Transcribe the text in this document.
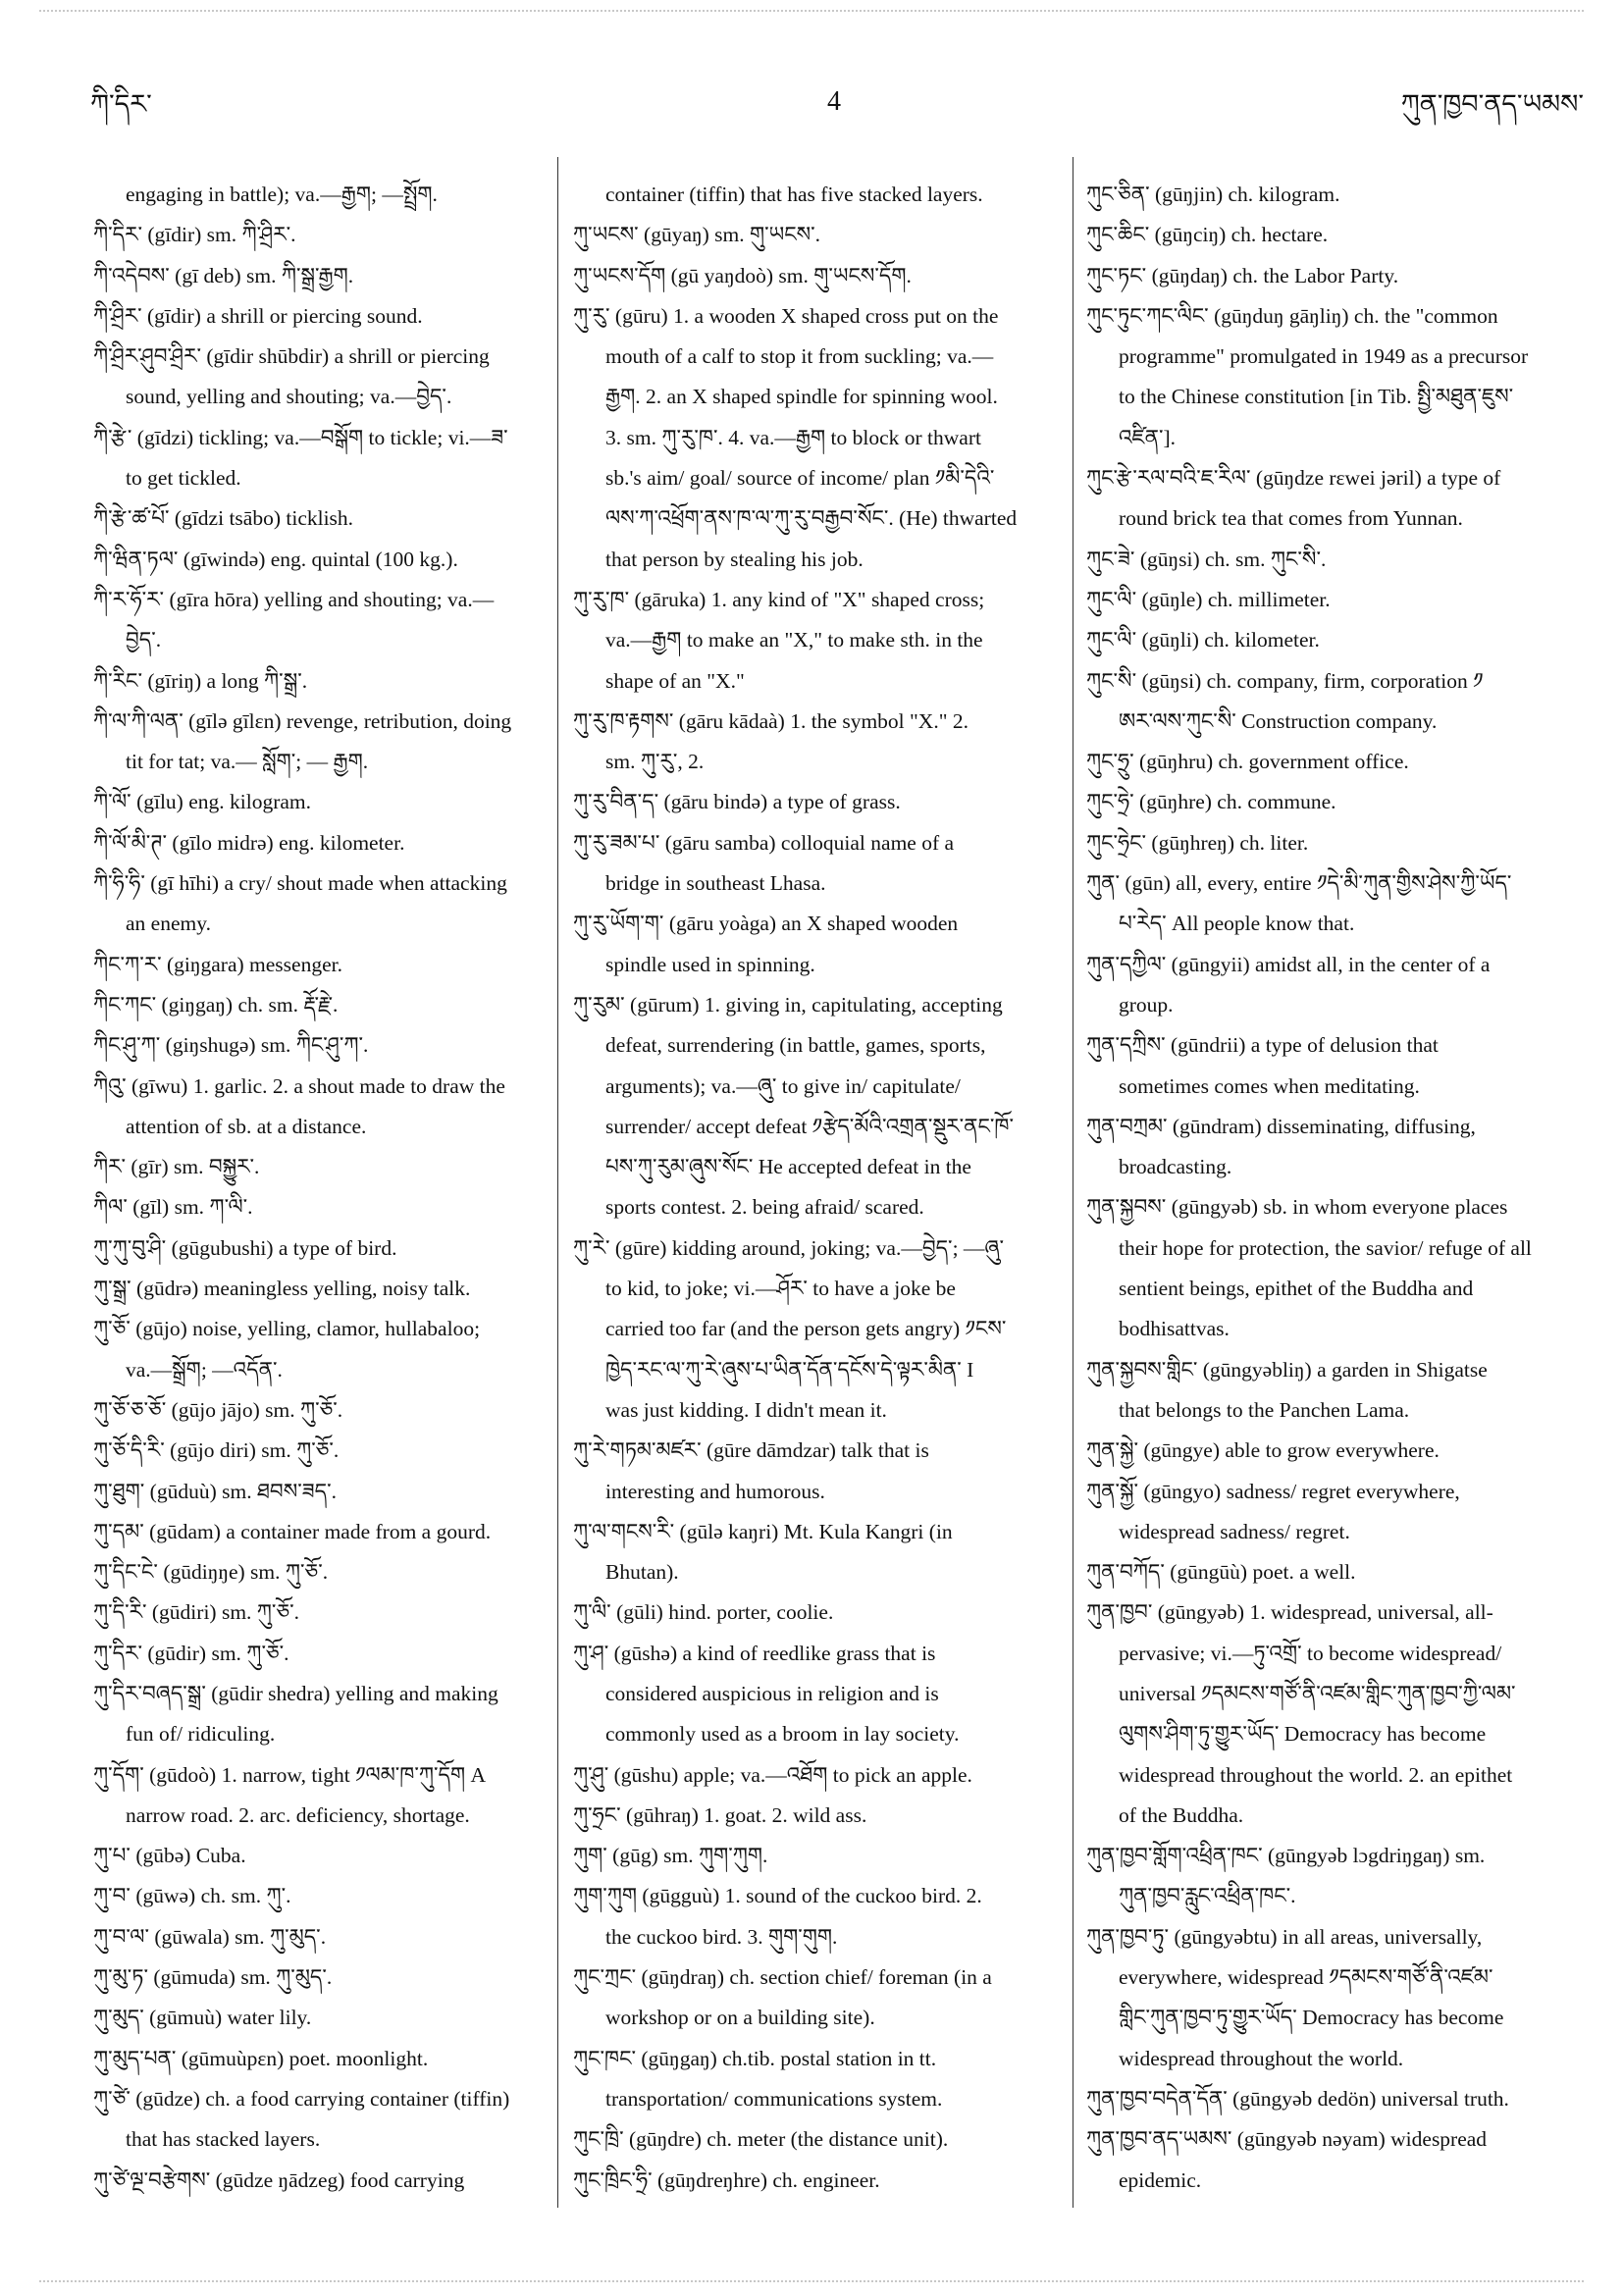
ཀི་དིར་	4	ཀུན་ཁྱབ་ནད་ཡམས་
engaging in battle); va.—རྒྱག; —སྤྲོག.
ཀི་དིར་ (gīdir) sm. ཀི་ཤྲིར་.
ཀི་འདེབས་ (gī deb) sm. ཀི་སྒྲ་རྒྱག.
ཀི་ཤྲིར་ (gīdir) a shrill or piercing sound.
ཀི་ཤྲིར་ཤུབ་ཤྲིར་ (gīdir shūbdir) a shrill or piercing
sound, yelling and shouting; va.—བྱེད་.
ཀི་རྩེ་ (gīdzi) tickling; va.—བསྒོག to tickle; vi.—ཟ་
to get tickled.
ཀི་རྩེ་ཚ་པོ་ (gīdzi tsābo) ticklish.
ཀི་ཝིན་ཏལ་ (gīwində) eng. quintal (100 kg.).
ཀི་ར་ཧོ་ར་ (gīra hōra) yelling and shouting; va.—
བྱེད་.
ཀི་རིང་ (gīriŋ) a long ཀི་སྒྲ་.
ཀི་ལ་ཀི་ལན་ (gīlə gīlɛn) revenge, retribution, doing
tit for tat; va.— སློག་; — རྒྱག.
ཀི་ལོ་ (gīlu) eng. kilogram.
ཀི་ལོ་མི་ཊ་ (gīlo midrə) eng. kilometer.
ཀི་ཧི་ཧི་ (gī hīhi) a cry/ shout made when attacking
an enemy.
ཀིང་ཀ་ར་ (giŋgara) messenger.
ཀིང་ཀང་ (giŋgaŋ) ch. sm. རྡོ་རྗེ་.
ཀིང་ཤུ་ཀ་ (giŋshugə) sm. ཀིང་ཤུ་ཀ་.
ཀིའུ་ (gīwu) 1. garlic. 2. a shout made to draw the
attention of sb. at a distance.
ཀིར་ (gīr) sm. བསྐྱུར་.
ཀིལ་ (gīl) sm. ཀ་ལི་.
ཀུ་ཀུ་བུ་ཤི་ (gūgubushi) a type of bird.
ཀུ་སྒྲ་ (gūdrə) meaningless yelling, noisy talk.
ཀུ་ཅོ་ (gūjo) noise, yelling, clamor, hullabaloo;
va.—སྒྲོག; —འདོན་.
ཀུ་ཅོ་ཅ་ཅོ་ (gūjo jājo) sm. ཀུ་ཅོ་.
ཀུ་ཅོ་དི་རི་ (gūjo diri) sm. ཀུ་ཅོ་.
ཀུ་ཐུག་ (gūduù) sm. ཐབས་ཟད་.
ཀུ་དམ་ (gūdam) a container made from a gourd.
ཀུ་དིང་ངེ་ (gūdiŋŋe) sm. ཀུ་ཅོ་.
ཀུ་དི་རི་ (gūdiri) sm. ཀུ་ཅོ་.
ཀུ་དིར་ (gūdir) sm. ཀུ་ཅོ་.
ཀུ་དིར་བཞད་སྒྲ་ (gūdir shedra) yelling and making
fun of/ ridiculing.
ཀུ་དོག་ (gūdoò) 1. narrow, tight ༡ལམ་ཁ་ཀུ་དོག A
narrow road. 2. arc. deficiency, shortage.
ཀུ་པ་ (gūbə) Cuba.
ཀུ་བ་ (gūwə) ch. sm. ཀུ་.
ཀུ་བ་ལ་ (gūwala) sm. ཀུ་མུད་.
ཀུ་མུ་ཏ་ (gūmuda) sm. ཀུ་མུད་.
ཀུ་མུད་ (gūmuù) water lily.
ཀུ་མུད་པན་ (gūmuùpɛn) poet. moonlight.
ཀུ་ཙེ་ (gūdze) ch. a food carrying container (tiffin)
that has stacked layers.
ཀུ་ཙེ་ལྔ་བརྩེགས་ (gūdze ŋādzeg) food carrying
container (tiffin) that has five stacked layers.
ཀུ་ཡངས་ (gūyaŋ) sm. གུ་ཡངས་.
ཀུ་ཡངས་དོག (gū yaŋdoò) sm. གུ་ཡངས་དོག.
ཀུ་རུ་ (gūru) 1. a wooden X shaped cross put on the
mouth of a calf to stop it from suckling; va.—
རྒྱག. 2. an X shaped spindle for spinning wool.
3. sm. ཀུ་རུ་ཁ་. 4. va.—རྒྱག to block or thwart
sb.'s aim/ goal/ source of income/ plan ༡མི་དེའི་
ལས་ཀ་འཕྲོག་ནས་ཁ་ལ་ཀུ་རུ་བརྒྱབ་སོང་. (He) thwarted
that person by stealing his job.
ཀུ་རུ་ཁ་ (gāruka) 1. any kind of "X" shaped cross;
va.—རྒྱག to make an "X," to make sth. in the
shape of an "X."
ཀུ་རུ་ཁ་རྟགས་ (gāru kādaà) 1. the symbol "X." 2.
sm. ཀུ་རུ་, 2.
ཀུ་རུ་བིན་ད་ (gāru bində) a type of grass.
ཀུ་རུ་ཟམ་པ་ (gāru samba) colloquial name of a
bridge in southeast Lhasa.
ཀུ་རུ་ཡོག་ག་ (gāru yoàga) an X shaped wooden
spindle used in spinning.
ཀུ་རུམ་ (gūrum) 1. giving in, capitulating, accepting
defeat, surrendering (in battle, games, sports,
arguments); va.—ཞུ་ to give in/ capitulate/
surrender/ accept defeat ༡རྩེད་མོའི་འགྲན་སྡུར་ནང་ཁོ་
པས་ཀུ་རུམ་ཞུས་སོང་ He accepted defeat in the
sports contest. 2. being afraid/ scared.
ཀུ་རེ་ (gūre) kidding around, joking; va.—བྱེད་; —ཞུ་
to kid, to joke; vi.—ཤོར་ to have a joke be
carried too far (and the person gets angry) ༡ངས་
ཁྱེད་རང་ལ་ཀུ་རེ་ཞུས་པ་ཡིན་དོན་དངོས་དེ་ལྟར་མིན་ I
was just kidding. I didn't mean it.
ཀུ་རེ་གཏམ་མཛར་ (gūre dāmdzar) talk that is
interesting and humorous.
ཀུ་ལ་གངས་རི་ (gūlə kaŋri) Mt. Kula Kangri (in
Bhutan).
ཀུ་ལི་ (gūli) hind. porter, coolie.
ཀུ་ཤ་ (gūshə) a kind of reedlike grass that is
considered auspicious in religion and is
commonly used as a broom in lay society.
ཀུ་ཤུ་ (gūshu) apple; va.—འཐོག to pick an apple.
ཀུ་ཧྲང་ (gūhraŋ) 1. goat. 2. wild ass.
ཀུག་ (gūg) sm. ཀུག་ཀུག.
ཀུག་ཀུག (gūgguù) 1. sound of the cuckoo bird. 2.
the cuckoo bird. 3. གུག་གུག.
ཀུང་ཀྲང་ (gūŋdraŋ) ch. section chief/ foreman (in a
workshop or on a building site).
ཀུང་ཁང་ (gūŋgaŋ) ch.tib. postal station in tt.
transportation/ communications system.
ཀུང་ཁྲི་ (gūŋdre) ch. meter (the distance unit).
ཀུང་ཁྲིང་ཧྲི་ (gūŋdreŋhre) ch. engineer.
ཀུང་ཅིན་ (gūŋjin) ch. kilogram.
ཀུང་ཆིང་ (gūŋciŋ) ch. hectare.
ཀུང་ཏང་ (gūŋdaŋ) ch. the Labor Party.
ཀུང་ཏུང་ཀང་ལིང་ (gūŋduŋ gāŋliŋ) ch. the "common
programme" promulgated in 1949 as a precursor
to the Chinese constitution [in Tib. སྤྱི་མཐུན་ཇུས་
འཛིན་].
ཀུང་རྩེ་རལ་བའི་ཇ་རིལ་ (gūŋdze rɛwei jəril) a type of
round brick tea that comes from Yunnan.
ཀུང་ཟེ་ (gūŋsi) ch. sm. ཀུང་སི་.
ཀུང་ལི་ (gūŋle) ch. millimeter.
ཀུང་ལི་ (gūŋli) ch. kilometer.
ཀུང་སི་ (gūŋsi) ch. company, firm, corporation ༡
ཨར་ལས་ཀུང་སི་ Construction company.
ཀུང་ཧྲུ་ (gūŋhru) ch. government office.
ཀུང་ཧྲེ་ (gūŋhre) ch. commune.
ཀུང་ཧྲེང་ (gūŋhreŋ) ch. liter.
ཀུན་ (gūn) all, every, entire ༡དེ་མི་ཀུན་གྱིས་ཤེས་ཀྱི་ཡོད་
པ་རེད་ All people know that.
ཀུན་དཀྱིལ་ (gūngyii) amidst all, in the center of a
group.
ཀུན་དཀྲིས་ (gūndrii) a type of delusion that
sometimes comes when meditating.
ཀུན་བཀྲམ་ (gūndram) disseminating, diffusing,
broadcasting.
ཀུན་སྐྱབས་ (gūngyəb) sb. in whom everyone places
their hope for protection, the savior/ refuge of all
sentient beings, epithet of the Buddha and
bodhisattvas.
ཀུན་སྐྱབས་གླིང་ (gūngyəbliŋ) a garden in Shigatse
that belongs to the Panchen Lama.
ཀུན་སྐྱེ་ (gūngye) able to grow everywhere.
ཀུན་སྐྱོ་ (gūngyo) sadness/ regret everywhere,
widespread sadness/ regret.
ཀུན་བཀོད་ (gūngūù) poet. a well.
ཀུན་ཁྱབ་ (gūngyəb) 1. widespread, universal, all-
pervasive; vi.—ཏུ་འགྲོ་ to become widespread/
universal ༡དམངས་གཙོ་ནི་འཛམ་གླིང་ཀུན་ཁྱབ་ཀྱི་ལམ་
ལུགས་ཤིག་ཏུ་གྱུར་ཡོད་ Democracy has become
widespread throughout the world. 2. an epithet
of the Buddha.
ཀུན་ཁྱབ་གློག་འཕྲིན་ཁང་ (gūngyəb lɔgdriŋgaŋ) sm.
ཀུན་ཁྱབ་རླུང་འཕྲིན་ཁང་.
ཀུན་ཁྱབ་ཏུ་ (gūngyəbtu) in all areas, universally,
everywhere, widespread ༡དམངས་གཙོ་ནི་འཛམ་
གླིང་ཀུན་ཁྱབ་ཏུ་གྱུར་ཡོད་ Democracy has become
widespread throughout the world.
ཀུན་ཁྱབ་བདེན་དོན་ (gūngyəb dedön) universal truth.
ཀུན་ཁྱབ་ནད་ཡམས་ (gūngyəb nəyam) widespread
epidemic.
